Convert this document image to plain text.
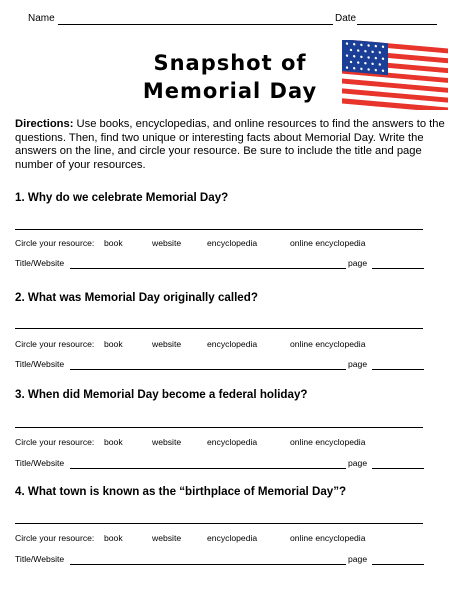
Name	Date
Snapshot of
Memorial Day
Directions: Use books, encyclopedias, and online resources to find the answers to the questions. Then, find two unique or interesting facts about Memorial Day. Write the answers on the line, and circle your resource. Be sure to include the title and page number of your resources.
1. Why do we celebrate Memorial Day?
Circle your resource: book	website	encyclopedia	online encyclopedia
Title/Website	page
2. What was Memorial Day originally called?
Circle your resource: book	website	encyclopedia	online encyclopedia
Title/Website	page
3. When did Memorial Day become a federal holiday?
Circle your resource: book	website	encyclopedia	online encyclopedia
Title/Website	page
4. What town is known as the “birthplace of Memorial Day”?
Circle your resource: book	website	encyclopedia	online encyclopedia
Title/Website	page
